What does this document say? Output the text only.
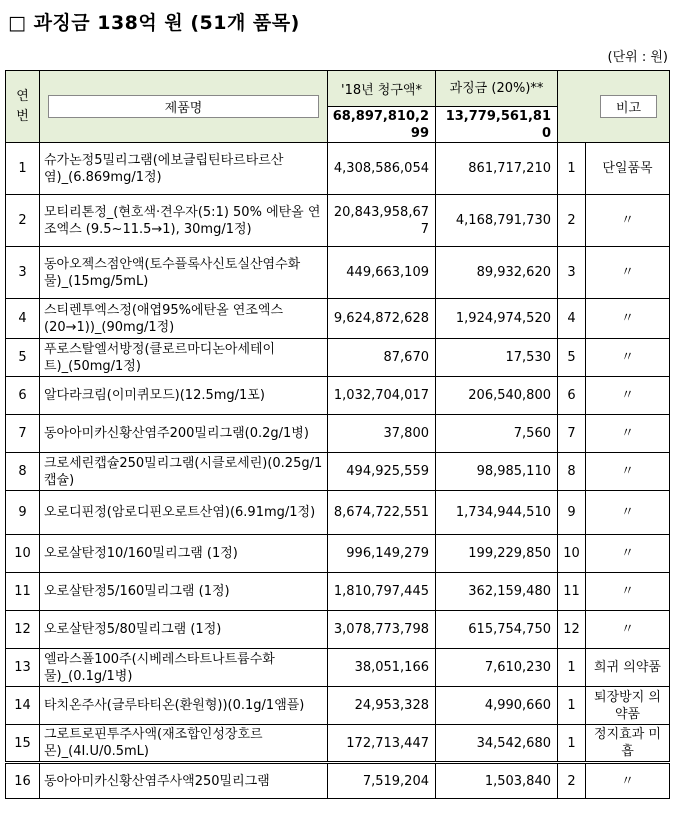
□ 과징금 138억 원 (51개 품목)
(단위 : 원)
연번	제품명	'18년 청구액*	과징금 (20%)**	비고	

		68,897,810,299	13,779,561,810		
1	슈가논정5밀리그램(에보글립틴타르타르산염)_(6.869mg/1정)	4,308,586,054	861,717,210	1	단일품목
2	모티리톤정_(현호색·견우자(5:1) 50% 에탄올 연조엑스 (9.5~11.5→1), 30mg/1정)	20,843,958,677	4,168,791,730	2	〃
3	동아오젝스점안액(토수플록사신토실산염수화물)_(15mg/5mL)	449,663,109	89,932,620	3	〃
4	스티렌투엑스정(애엽95%에탄올 연조엑스(20→1))_(90mg/1정)	9,624,872,628	1,924,974,520	4	〃
5	푸로스탈엘서방정(클로르마디논아세테이트)_(50mg/1정)	87,670	17,530	5	〃
6	알다라크림(이미퀴모드)(12.5mg/1포)	1,032,704,017	206,540,800	6	〃
7	동아아미카신황산염주200밀리그램(0.2g/1병)	37,800	7,560	7	〃
8	크로세린캡슐250밀리그램(시클로세린)(0.25g/1캡슐)	494,925,559	98,985,110	8	〃
9	오로디핀정(암로디핀오로트산염)(6.91mg/1정)	8,674,722,551	1,734,944,510	9	〃
10	오로살탄정10/160밀리그램 (1정)	996,149,279	199,229,850	10	〃
11	오로살탄정5/160밀리그램 (1정)	1,810,797,445	362,159,480	11	〃
12	오로살탄정5/80밀리그램 (1정)	3,078,773,798	615,754,750	12	〃
13	엘라스폴100주(시베레스타트나트륨수화물)_(0.1g/1병)	38,051,166	7,610,230	1	희귀 의약품
14	타치온주사(글루타티온(환원형))(0.1g/1앰플)	24,953,328	4,990,660	1	퇴장방지 의약품
15	그로트로핀투주사액(재조합인성장호르몬)_(4I.U/0.5mL)	172,713,447	34,542,680	1	정지효과 미흡
16	동아아미카신황산염주사액250밀리그램	7,519,204	1,503,840	2	〃
